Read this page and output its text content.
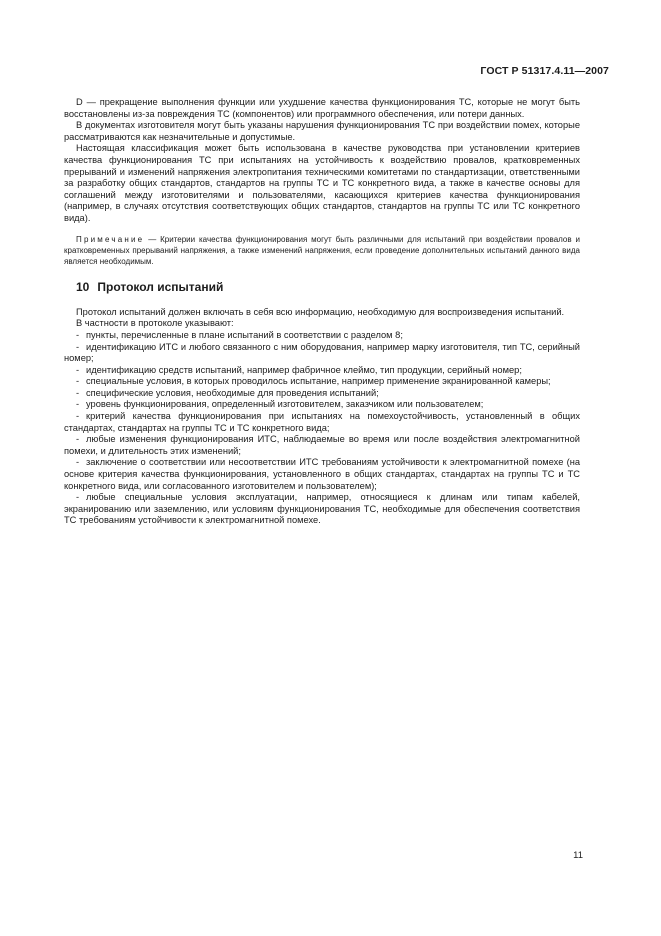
ГОСТ Р 51317.4.11—2007

D — прекращение выполнения функции или ухудшение качества функционирования ТС, которые не могут быть восстановлены из-за повреждения ТС (компонентов) или программного обеспечения, или потери данных.

В документах изготовителя могут быть указаны нарушения функционирования ТС при воздействии помех, которые рассматриваются как незначительные и допустимые.

Настоящая классификация может быть использована в качестве руководства при установлении критериев качества функционирования ТС при испытаниях на устойчивость к воздействию провалов, кратковременных прерываний и изменений напряжения электропитания техническими комитетами по стандартизации, ответственными за разработку общих стандартов, стандартов на группы ТС и ТС конкретного вида, а также в качестве основы для соглашений между изготовителями и пользователями, касающихся критериев качества функционирования (например, в случаях отсутствия соответствующих общих стандартов, стандартов на группы ТС или ТС конкретного вида).

Примечание — Критерии качества функционирования могут быть различными для испытаний при воздействии провалов и кратковременных прерываний напряжения, а также изменений напряжения, если проведение дополнительных испытаний данного вида является необходимым.

10 Протокол испытаний

Протокол испытаний должен включать в себя всю информацию, необходимую для воспроизведения испытаний.

В частности в протоколе указывают:

- пункты, перечисленные в плане испытаний в соответствии с разделом 8;

- идентификацию ИТС и любого связанного с ним оборудования, например марку изготовителя, тип ТС, серийный номер;

- идентификацию средств испытаний, например фабричное клеймо, тип продукции, серийный номер;

- специальные условия, в которых проводилось испытание, например применение экранированной камеры;

- специфические условия, необходимые для проведения испытаний;

- уровень функционирования, определенный изготовителем, заказчиком или пользователем;

- критерий качества функционирования при испытаниях на помехоустойчивость, установленный в общих стандартах, стандартах на группы ТС и ТС конкретного вида;

- любые изменения функционирования ИТС, наблюдаемые во время или после воздействия электромагнитной помехи, и длительность этих изменений;

- заключение о соответствии или несоответствии ИТС требованиям устойчивости к электромагнитной помехе (на основе критерия качества функционирования, установленного в общих стандартах, стандартах на группы ТС и ТС конкретного вида, или согласованного изготовителем и пользователем);

- любые специальные условия эксплуатации, например, относящиеся к длинам или типам кабелей, экранированию или заземлению, или условиям функционирования ТС, необходимые для обеспечения соответствия ТС требованиям устойчивости к электромагнитной помехе.

11
